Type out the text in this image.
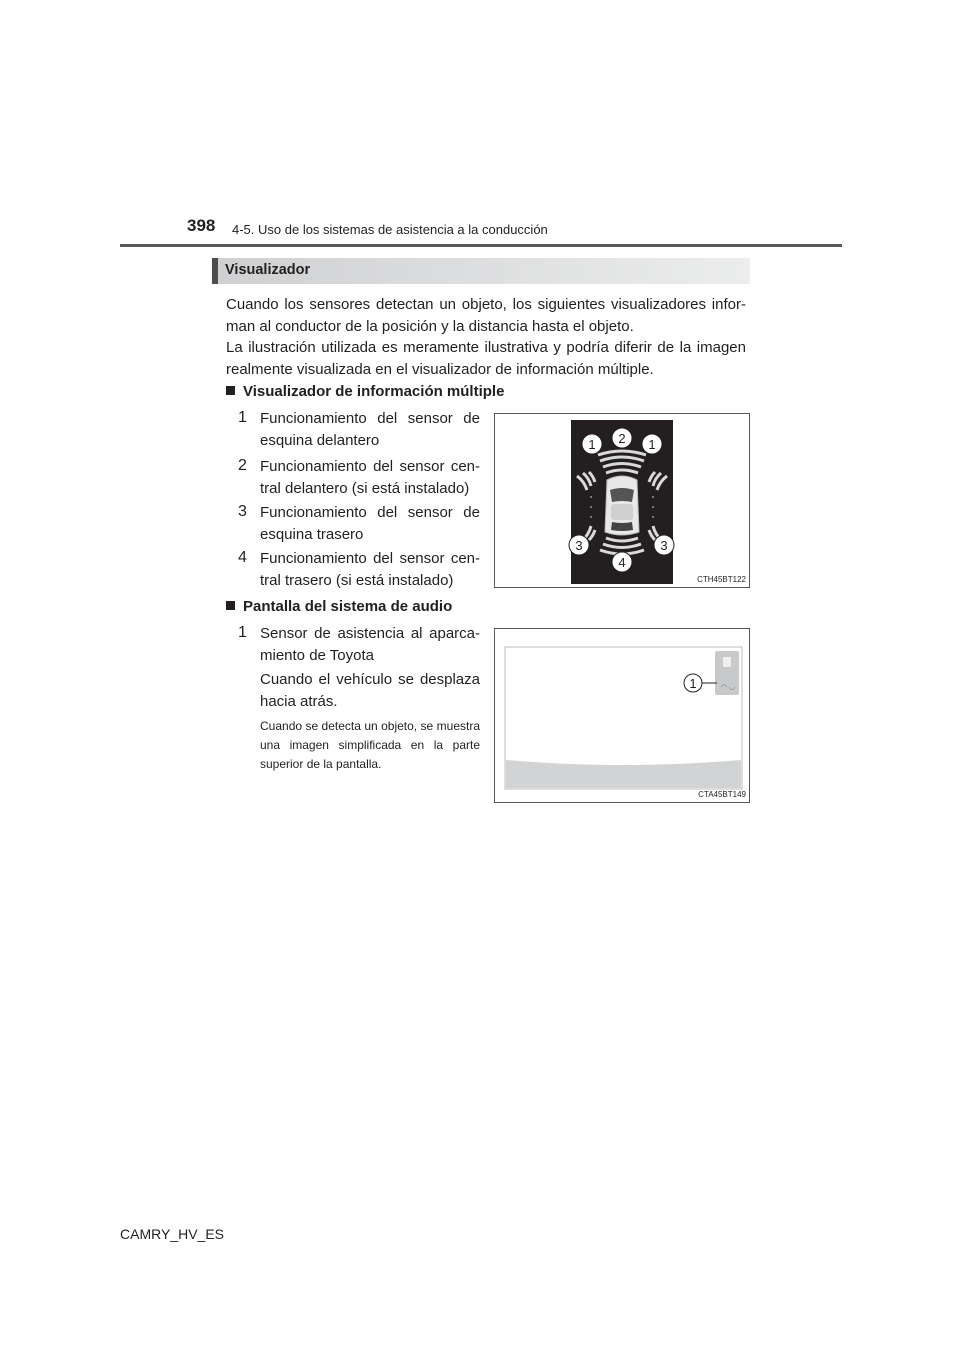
398 4-5. Uso de los sistemas de asistencia a la conducción
Visualizador
Cuando los sensores detectan un objeto, los siguientes visualizadores infor-man al conductor de la posición y la distancia hasta el objeto.
La ilustración utilizada es meramente ilustrativa y podría diferir de la imagen realmente visualizada en el visualizador de información múltiple.
Visualizador de información múltiple
1 Funcionamiento del sensor de esquina delantero
2 Funcionamiento del sensor cen-tral delantero (si está instalado)
3 Funcionamiento del sensor de esquina trasero
4 Funcionamiento del sensor cen-tral trasero (si está instalado)
1 2 1
3	3
4
CTH45BT122
Pantalla del sistema de audio
1 Sensor de asistencia al aparca-miento de Toyota
Cuando el vehículo se desplaza hacia atrás.
Cuando se detecta un objeto, se muestra una imagen simplificada en la parte superior de la pantalla.
◠ ◡
1
CTA45BT149
CAMRY_HV_ES
